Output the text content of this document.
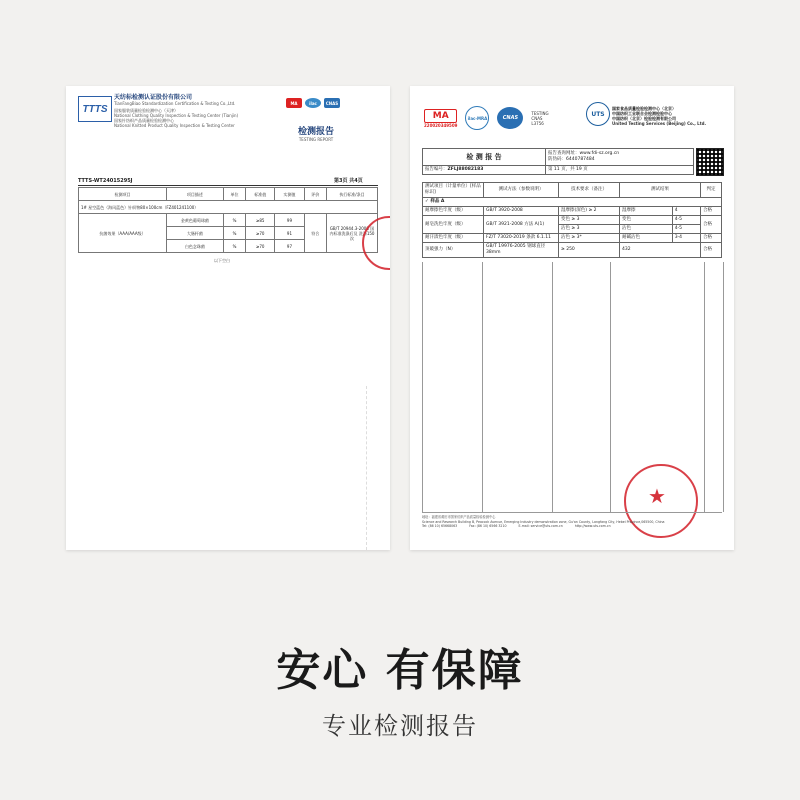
TTTS
天纺标检测认证股份有限公司
TianFangBiao Standardization Certification & Testing Co.,Ltd.
国家服装质量检验检测中心（天津）
National Clothing Quality Inspection & Testing Center (Tianjin)
国家针纺织产品质量检验检测中心
National Knitted Product Quality Inspection & Testing Center
MA	ilac	CNAS
检测报告
TESTING REPORT
TTTS-WT24015295J	第3页 共4页
检测项目	项目描述	单位	标准值	实测值	评价	执行标准/条目
1# 星空蓝色（海风蓝色）针织物80×100cm（FZ401241100）						
抗菌效果（AAA/AAA级）	金黄色葡萄球菌	%	≥85	99	符合	GB/T 20944.3-2008 国内标准洗涤后及 洗涤150次
	大肠杆菌	%	≥70	91		
	白色念珠菌	%	≥70	97		
以下空白
MA
220020349509
ilac-MRA	CNAS
TESTING CNAS L3756
UTS
国家食品质量检验检测中心（北京）
中国纺织工业联合会检测检验中心
中国纺织（北京）检验检测有限公司
United Testing Services (Beijing) Co., Ltd.
检 测 报 告	报告查询网址：www.fdi-sz.org.cn
防伪码：6440787484

报告编号：ZFLJ88082183	第 11 页，共 19 页
测试项目（计量单位）[样品标识]	测试方法（参数说明）	技术要求（备注）	测试结果		判定
✓ 样品 A					
耐摩擦色牢度（级）	GB/T 3920-2008	湿摩擦(深色) ≥ 2	湿摩擦	4	合格
耐皂洗色牢度（级）	GB/T 3921-2008 方法 A(1)	变色 ≥ 3	变色	4-5	合格
		沾色 ≥ 3	沾色	4-5	
耐汗渍色牢度（级）	FZ/T 73020-2019 条款 6.1.11	沾色 ≥ 3*	耐碱沾色	3-4	合格
顶破强力（N）	GB/T 19976-2005 钢球直径 38mm	≥ 250	432		合格
★
地址：福建省莆田市国家纺织产品质量检验检测中心
Science and Research Building B, Peacock Avenue, Emerging Industry demonstration zone, Gu'an County, Langfang City, Hebei Province,065500, China
Tel: (86 10) 65668063	Fax: (86 10) 6566 3210	E-mail: service@uts.com.cn	http://www.uts.com.cn
安心 有保障
专业检测报告
